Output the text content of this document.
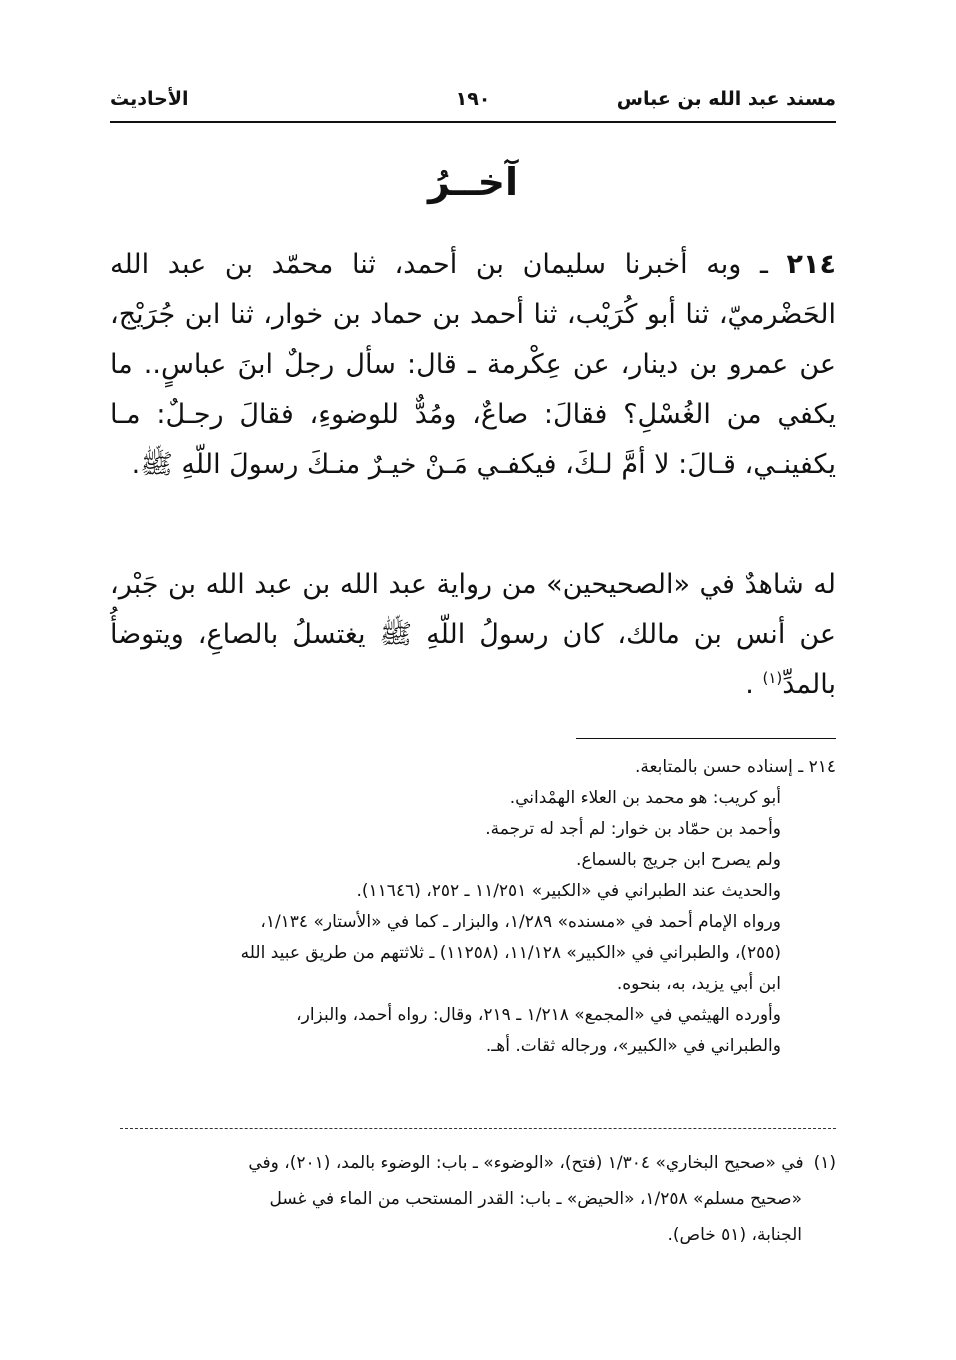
مسند عبد الله بن عباس
١٩٠
الأحاديث
آخــرُ
٢١٤ ـ وبه أخبرنا سليمان بن أحمد، ثنا محمّد بن عبد الله الحَضْرميّ، ثنا أبو كُرَيْب، ثنا أحمد بن حماد بن خوار، ثنا ابن جُرَيْج، عن عمرو بن دينار، عن عِكْرمة ـ قال: سأل رجلٌ ابنَ عباسٍ.. ما يكفي من الغُسْلِ؟ فقالَ: صاعٌ، ومُدٌّ للوضوءِ، فقالَ رجـلٌ: مـا يكفينـي، قـالَ: لا أمَّ لـكَ، فيكفـي مَـنْ خيـرٌ منـكَ رسولَ اللّهِ ﷺ.
له شاهدٌ في «الصحيحين» من رواية عبد الله بن عبد الله بن جَبْر، عن أنس بن مالك، كان رسولُ اللّهِ ﷺ يغتسلُ بالصاعِ، ويتوضأُ بالمدِّ$^{(١)}$ .
٢١٤ ـ إسناده حسن بالمتابعة.
أبو كريب: هو محمد بن العلاء الهمْداني.
وأحمد بن حمّاد بن خوار: لم أجد له ترجمة.
ولم يصرح ابن جريج بالسماع.
والحديث عند الطبراني في «الكبير» ١١/٢٥١ ـ ٢٥٢، (١١٦٤٦).
ورواه الإمام أحمد في «مسنده» ١/٢٨٩، والبزار ـ كما في «الأستار» ١/١٣٤،
(٢٥٥)، والطبراني في «الكبير» ١١/١٢٨، (١١٢٥٨) ـ ثلاثتهم من طريق عبيد الله
ابن أبي يزيد، به، بنحوه.
وأورده الهيثمي في «المجمع» ١/٢١٨ ـ ٢١٩، وقال: رواه أحمد، والبزار،
والطبراني في «الكبير»، ورجاله ثقات. أهـ.
(١)في «صحيح البخاري» ١/٣٠٤ (فتح)، «الوضوء» ـ باب: الوضوء بالمد، (٢٠١)، وفي
«صحيح مسلم» ١/٢٥٨، «الحيض» ـ باب: القدر المستحب من الماء في غسل
الجنابة، (٥١ خاص).
